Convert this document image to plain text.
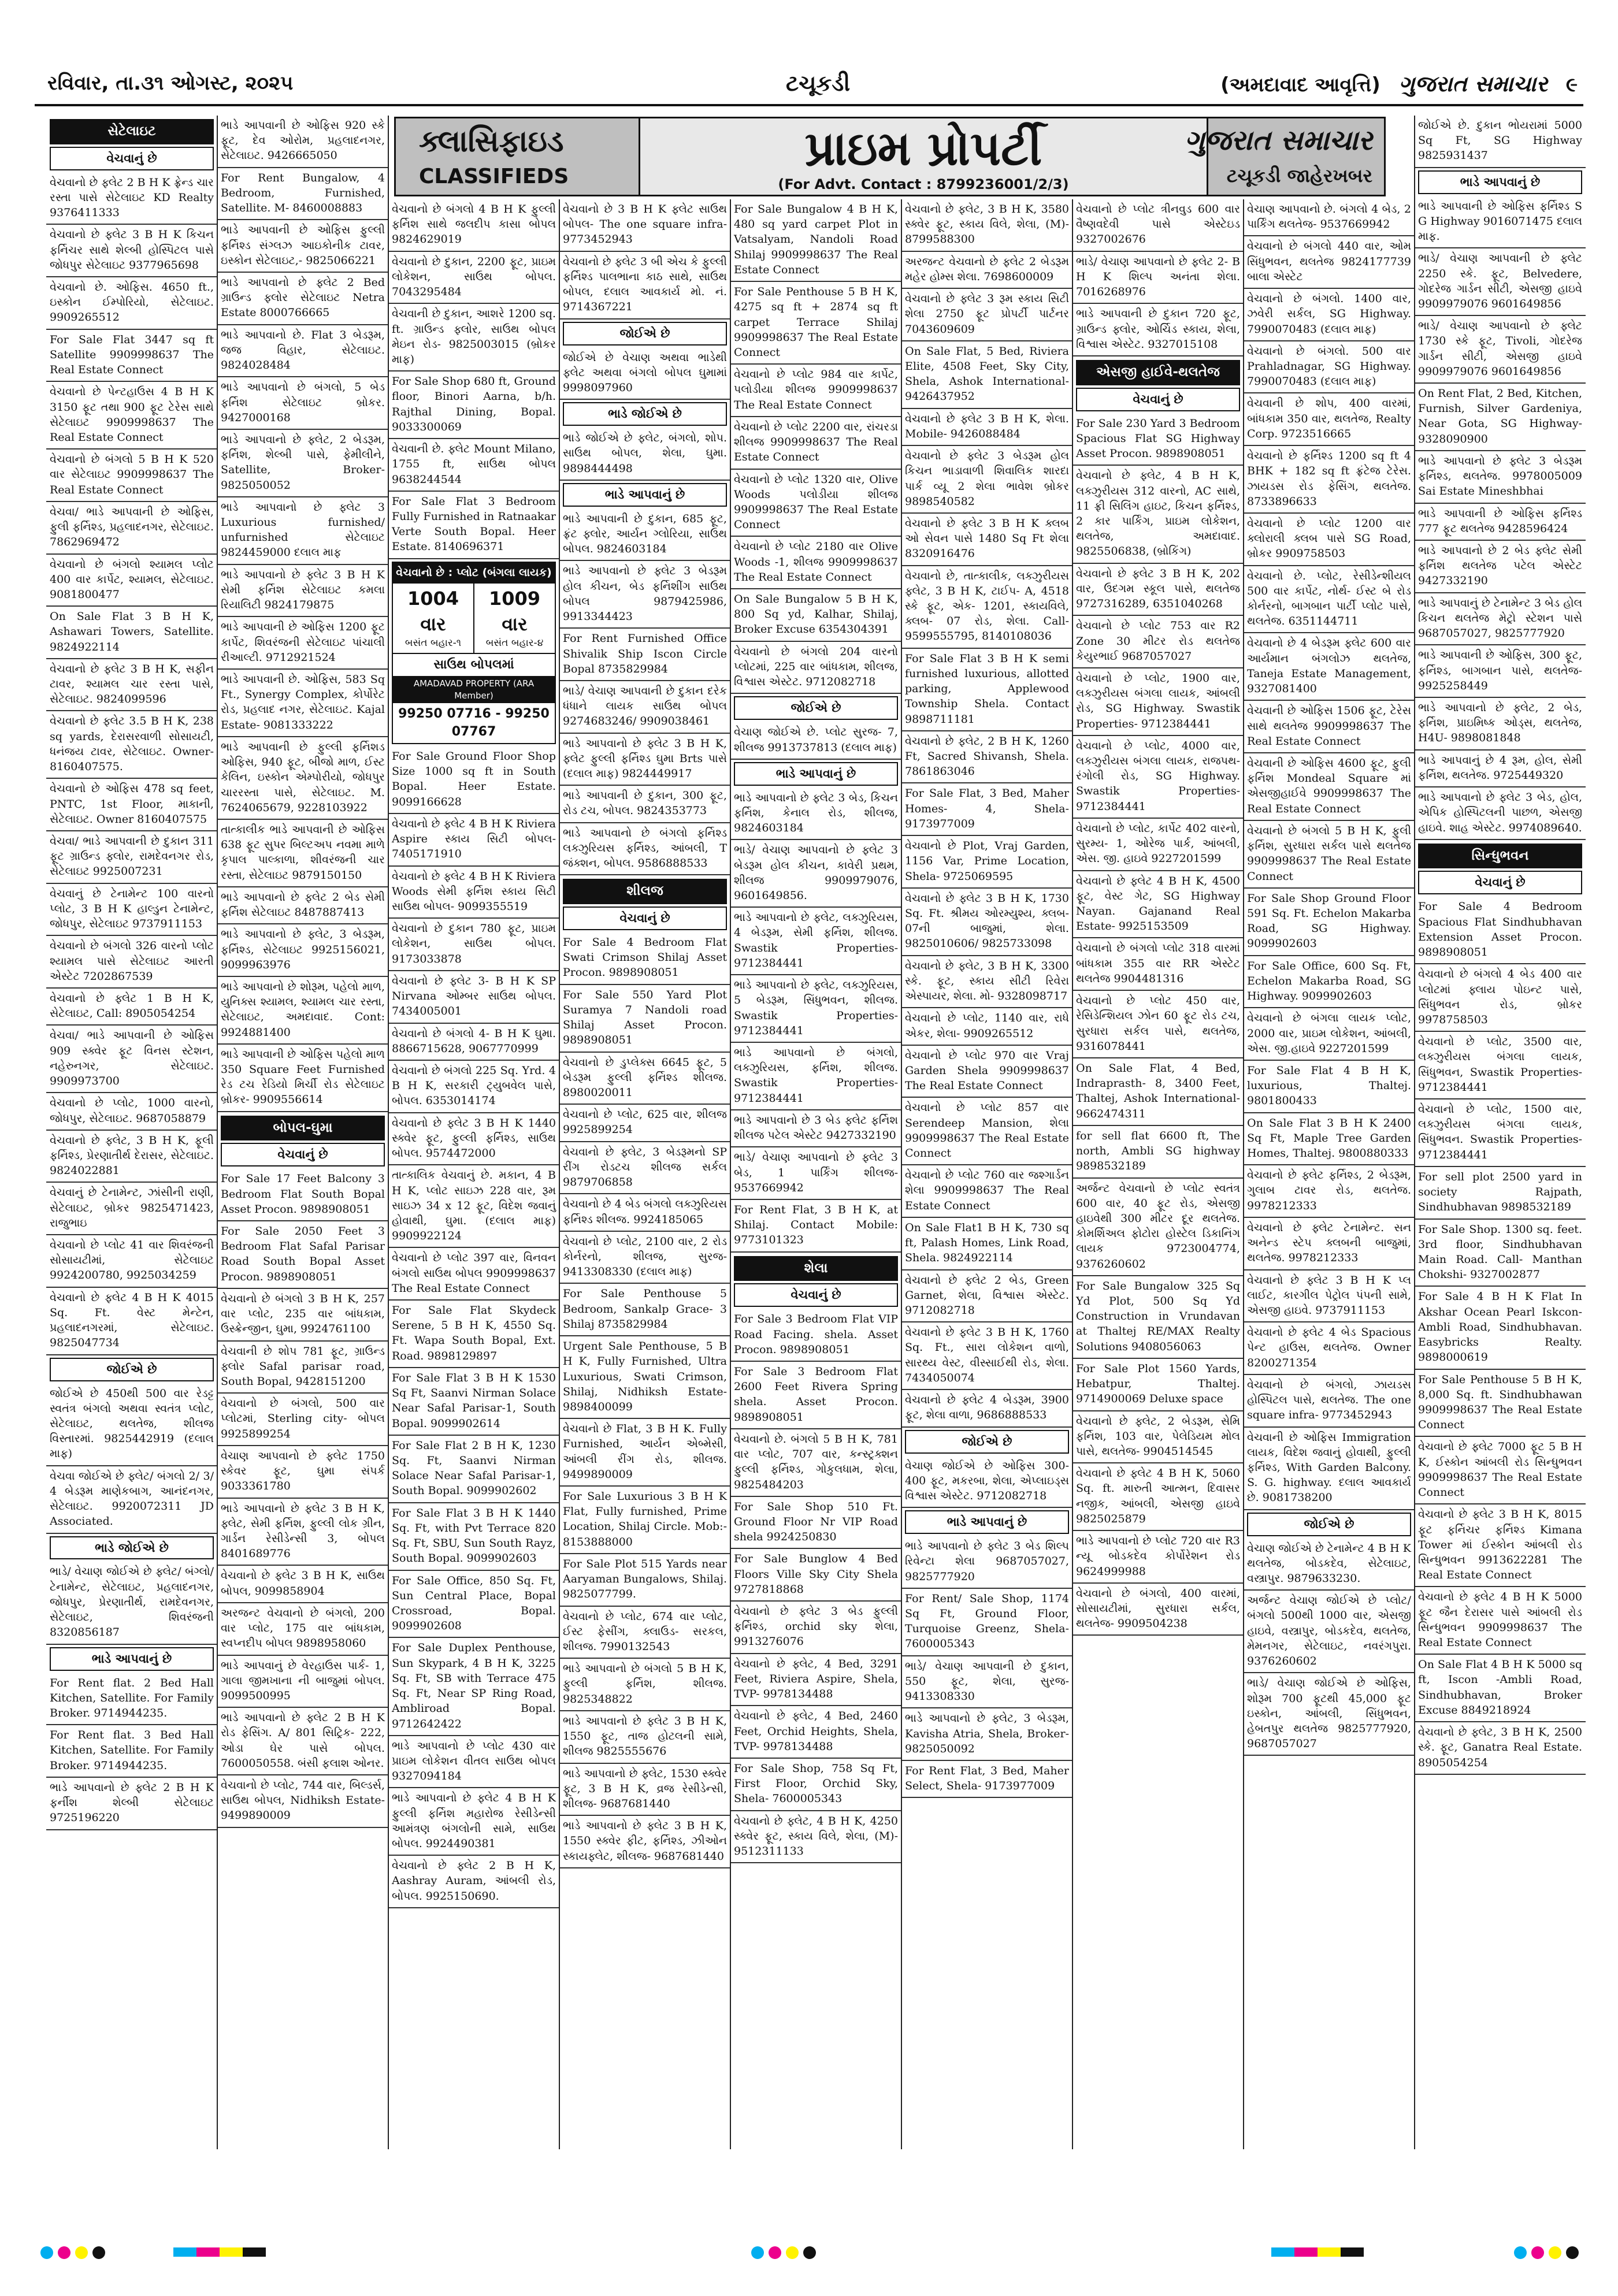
રવિવાર, તા.૩૧ ઓગસ્ટ, ૨૦૨૫	ટચૂકડી	(અમદાવાદ આવૃત્તિ) ગુજરાત સમાચાર ૯
ક્લાસિફાઇડ
CLASSIFIEDS
પ્રાઇમ પ્રોપર્ટી
(For Advt. Contact : 8799236001/2/3)
ગુજરાત સમાચાર
ટચૂકડી જાહેરખબર
સેટેલાઇટ
વેચવાનું છે
વેચવાનો છે ફ્લેટ 2 B H K ફ્રેન્ડ ચાર રસ્તા પાસે સેટેલાઇટ KD Realty 9376411333
વેચવાનો છે ફ્લેટ 3 B H K કિચન ફર્નિચર સાથે શેલ્બી હોસ્પિટલ પાસે જોધપુર સેટેલાઇટ 9377965698
વેચવાનો છે. ઓફિસ. 4650 ft., ઇસ્કોન ઈમ્પોરિયો, સેટેલાઇટ. 9909265512
For Sale Flat 3447 sq ft Satellite 9909998637 The Real Estate Connect
વેચવાનો છે પેન્ટહાઉસ 4 B H K 3150 ફૂટ તથા 900 ફૂટ ટેરેસ સાથે સેટેલાઇટ 9909998637 The Real Estate Connect
વેચવાનો છે બંગલો 5 B H K 520 વાર સેટેલાઇટ 9909998637 The Real Estate Connect
વેચવા/ ભાડે આપવાની છે ઓફિસ, ફુલી ફર્નિશ્ડ, પ્રહલાદનગર, સેટેલાઇટ. 7862969472
વેચવાનો છે બંગલો શ્યામલ પ્લોટ 400 વાર કાર્પેટ, શ્યામલ, સેટેલાઇટ. 9081800477
On Sale Flat 3 B H K, Ashawari Towers, Satellite. 9824922114
વેચવાનો છે ફ્લેટ 3 B H K, સફીન ટાવર, શ્યામલ ચાર રસ્તા પાસે, સેટેલાઇટ. 9824099596
વેચવાનો છે ફ્લેટ 3.5 B H K, 238 sq yards, દેરાસરવાળી સોસાયટી, ધનંજય ટાવર, સેટેલાઇટ. Owner- 8160407575.
વેચવાનો છે ઓફિસ 478 sq feet, PNTC, 1st Floor, માકાની, સેટેલાઇટ. Owner 8160407575
વેચવા/ ભાડે આપવાની છે દુકાન 311 ફૂટ ગ્રાઉન્ડ ફ્લોર, રામદેવનગર રોડ, સેટેલાઇટ 9925007231
વેચવાનું છે ટેનામેન્ટ 100 વારનો પ્લોટ, 3 B H K હાલ્ડુન ટેનામેન્ટ, જોધપુર, સેટેલાઇટ 9737911153
વેચવાનો છે બંગલો 326 વારનો પ્લોટ શ્યામલ પાસે સેટેલાઇટ આરતી એસ્ટેટ 7202867539
વેચવાનો છે ફ્લેટ 1 B H K, સેટેલાઇટ, Call: 8905054254
વેચવા/ ભાડે આપવાની છે ઓફિસ 909 સ્ક્વેર ફૂટ વિનસ સ્ટેશન, નહેરુનગર, સેટેલાઇટ. 9909973700
વેચવાનો છે પ્લોટ, 1000 વારનો, જોધપુર, સેટેલાઇટ. 9687058879
વેચવાનો છે ફ્લેટ, 3 B H K, ફૂલી ફર્નિશ્ડ, પ્રેરણાતીર્થ દેરાસર, સેટેલાઇટ. 9824022881
વેચવાનું છે ટેનામેન્ટ, ઝાંસીની રાણી, સેટેલાઇટ, બ્રોકર 9825471423, રાજુભાઇ
વેચવાનો છે પ્લોટ 41 વાર શિવરંજની સોસાયટીમાં, સેટેલાઇટ 9924200780, 9925034259
વેચવાનો છે ફ્લેટ 4 B H K 4015 Sq. Ft. વેસ્ટ મેન્ટેન, પ્રહલાદનગરમાં, સેટેલાઇટ. 9825047734
જોઈએ છે
જોઈએ છે 450થી 500 વાર રેડટ્ટ સ્વતંત્ર બંગલો અથવા સ્વતંત્ર પ્લોટ, સેટેલાઇટ, થલતેજ, શીલજ વિસ્તારમાં. 9825442919 (દલાલ માફ)
વેચવા જોઈએ છે ફ્લેટ/ બંગલો 2/ 3/ 4 બેડરૂમ માણેકબાગ, આનંદનગર, સેટેલાઇટ. 9920072311 JD Associated.
ભાડે જોઈએ છે
ભાડે/ વેચાણ જોઈએ છે ફ્લેટ/ બંગ્લો/ ટેનામેન્ટ, સેટેલાઇટ, પ્રહલાદનગર, જોધપુર, પ્રેરણાતીર્થ, રામદેવનગર, સેટેલાઇટ, શિવરંજની 8320856187
ભાડે આપવાનું છે
For Rent flat. 2 Bed Hall Kitchen, Satellite. For Family Broker. 9714944235.
For Rent flat. 3 Bed Hall Kitchen, Satellite. For Family Broker. 9714944235.
ભાડે આપવાનો છે ફ્લેટ 2 B H K ફર્નીશ શેલ્બી સેટેલાઇટ 9725196220
ભાડે આપવાની છે ઓફિસ 920 સ્કે ફૂટ, દેવ ઓરોમ, પ્રહલાદનગર, સેટેલાઇટ. 9426665050
For Rent Bungalow, 4 Bedroom, Furnished, Satellite. M- 8460008883
ભાડે આપવાની છે ઓફિસ ફુલ્લી ફર્નિશ્ડ સંગ્લઝ આઇકોનીક ટાવર, ઇસ્કોન સેટેલાઇટ,- 9825066221
ભાડે આપવાનો છે ફ્લેટ 2 Bed ગ્રાઉન્ડ ફ્લોર સેટેલાઇટ Netra Estate 8000766665
ભાડે આપવાનો છે. Flat 3 બેડરૂમ, જજ વિહાર, સેટેલાઇટ. 9824028484
ભાડે આપવાનો છે બંગલો, 5 બેડ ફર્નિશ સેટેલાઇટ બ્રોકર. 9427000168
ભાડે આપવાનો છે ફ્લેટ, 2 બેડરૂમ, ફર્નિશ, શેલ્બી પાસે, ફેમીલીને, Satellite, Broker- 9825050052
ભાડે આપવાનો છે ફ્લેટ 3 Luxurious furnished/ unfurnished સેટેલાઇટ 9824459000 દલાલ માફ
ભાડે આપવાનો છે ફ્લેટ 3 B H K સેમી ફર્નિશ સેટેલાઇટ કમલા રિયાલિટી 9824179875
ભાડે આપવાની છે ઓફિસ 1200 ફૂટ કાર્પેટ, શિવરંજની સેટેલાઇટ પાંચાલી રીઆલ્ટી. 9712921524
ભાડે આપવાની છે. ઓફિસ, 583 Sq Ft., Synergy Complex, કોર્પોરેટ રોડ, પ્રહલાદ નગર, સેટેલાઇટ. Kajal Estate- 9081333222
ભાડે આપવાની છે ફુલ્લી ફર્નિશડ ઓફિસ, 940 ફૂટ, બીજો માળ, ઈસ્ટ કેલિન, ઇસ્કોન એમ્પોરીયો, જોધપુર ચારરસ્તા પાસે, સેટેલાઇટ. M. 7624065679, 9228103922
તાત્કાલીક ભાડે આપવાની છે ઓફિસ 638 ફૂટ સુપર બિલ્ટઅપ નવમા માળે કૃપાલ પાલ્કાળા, શીવરંજની ચાર રસ્તા, સેટેલાઇટ 9879150150
ભાડે આપવાનો છે ફ્લેટ 2 બેડ સેમી ફર્નિશ સેટેલાઇટ 8487887413
ભાડે આપવાનો છે ફ્લેટ, 3 બેડરૂમ, ફર્નિશ્ડ, સેટેલાઇટ 9925156021, 9099963976
ભાડે આપવાનો છે શોરૂમ, પહેલો માળ, યુનિક્સ શ્યામલ, શ્યામલ ચાર રસ્તા, સેટેલાઇટ, અમદાવાદ. Cont: 9924881400
ભાડે આપવાની છે ઓફિસ પહેલો માળ 350 Square Feet Furnished રેડ ટચ રેડિયો મિર્ચી રોડ સેટેલાઇટ બ્રોકર- 9909556614
બોપલ-ઘુમા
વેચવાનું છે
For Sale 17 Feet Balcony 3 Bedroom Flat South Bopal Asset Procon. 9898908051
For Sale 2050 Feet 3 Bedroom Flat Safal Parisar Road South Bopal Asset Procon. 9898908051
વેચવાનો છે બંગલો 3 B H K, 257 વાર પ્લોટ, 235 વાર બાંધકામ, ઉસ્ક્રેન્જીન, ઘુમા, 9924761100
વેચવાની છે શોપ 781 ફૂટ, ગ્રાઉન્ડ ફ્લોર Safal parisar road, South Bopal, 9428151200
વેચવાનો છે બંગલો, 500 વાર પ્લોટમાં, Sterling city- બોપલ 9925899254
વેચાણ આપવાનો છે ફ્લેટ 1750 સ્કેવર ફૂટ, ઘુમા સંપર્ક 9033361780
ભાડે આપવાનો છે ફ્લેટ 3 B H K, ફ્લેટ, સેમી ફર્નિશ, ફુલ્લી લોક ગ્રીન, ગાર્ડન રેસીડેન્સી 3, બોપલ 8401689776
વેચવાનો છે ફ્લેટ 3 B H K, સાઉથ બોપલ, 9099858904
અરજન્ટ વેચવાનો છે બંગલો, 200 વાર પ્લોટ, 175 વાર બાંધકામ, સ્વપ્નદીપ બોપલ 9898958060
ભાડે આપવાનું છે વેરહાઉસ પાર્ક- 1, ગાલા જીમખાના ની બાજુમાં બોપલ. 9099500995
ભાડે આપવાનો છે ફ્લેટ 2 B H K રોડ ફેસિંગ. A/ 801 સિટ્રિક- 222, ઓડા ઘેર પાસે બોપલ. 7600050558. બંસી ફલાશ ઓનર.
વેચવાનો છે પ્લોટ, 744 વાર, બિલ્ડર્સ, સાઉથ બોપલ, Nidhiksh Estate- 9499890009
વેચવાનો છે બંગલો 4 B H K ફુલ્લી ફર્નિશ સાથે જલદીપ કાસા બોપલ 9824629019
વેચવાનો છે દુકાન, 2200 ફૂટ, પ્રાઇમ લોકેશન, સાઉથ બોપલ. 7043295484
વેચવાની છે દુકાન, આશરે 1200 sq. ft. ગ્રાઉન્ડ ફ્લોર, સાઉથ બોપલ મેઇન રોડ- 9825003015 (બ્રોકર માફ)
For Sale Shop 680 ft, Ground floor, Binori Aarna, b/h. Rajthal Dining, Bopal. 9033300069
વેચવાની છે. ફ્લેટ Mount Milano, 1755 ft, સાઉથ બોપલ 9638244544
For Sale Flat 3 Bedroom Fully Furnished in Ratnaakar Verte South Bopal. Heer Estate. 8140696371
વેચવાનો છે : પ્લોટ (બંગલા લાયક)
1004 વાર
બસંત બહાર-૧
1009 વાર
બસંત બહાર-૪
સાઉથ બોપલમાં
AMADAVAD PROPERTY (ARA Member)
99250 07716 - 99250 07767
For Sale Ground Floor Shop Size 1000 sq ft in South Bopal. Heer Estate. 9099166628
વેચવાનો છે ફ્લેટ 4 B H K Riviera Aspire સ્કાય સિટી બોપલ- 7405171910
વેચવાનો છે ફ્લેટ 4 B H K Riviera Woods સેમી ફર્નિશ સ્કાય સિટી સાઉથ બોપલ- 9099355519
વેચવાનો છે દુકાન 780 ફૂટ, પ્રાઇમ લોકેશન, સાઉથ બોપલ. 9173033878
વેચવાનો છે ફ્લેટ 3- B H K SP Nirvana ઓમ્બર સાઉથ બોપલ. 7434005001
વેચવાનો છે બંગલો 4- B H K ઘુમા. 8866715628, 9067770999
વેચવાનો છે બંગલો 225 Sq. Yrd. 4 B H K, સરકારી ટ્યુબવેલ પાસે, બોપલ. 6353014174
વેચવાનો છે ફ્લેટ 3 B H K 1440 સ્ક્વેર ફૂટ, ફુલ્લી ફર્નિશ્ડ, સાઉથ બોપલ. 9574472000
તાત્કાલિક વેચવાનું છે. મકાન, 4 B H K, પ્લોટ સાઇઝ 228 વાર, રૂમ સાઇઝ 34 x 12 ફૂટ, વિદેશ જવાનું હોવાથી, ઘુમા. (દલાલ માફ) 9909922124
વેચવાનો છે પ્લોટ 397 વાર, વિનવન બંગલો સાઉથ બોપલ 9909998637 The Real Estate Connect
For Sale Flat Skydeck Serene, 5 B H K, 4550 Sq. Ft. Wapa South Bopal, Ext. Road. 9898129897
For Sale Flat 3 B H K 1530 Sq Ft, Saanvi Nirman Solace Near Safal Parisar-1, South Bopal. 9099902614
For Sale Flat 2 B H K, 1230 Sq. Ft, Saanvi Nirman Solace Near Safal Parisar-1, South Bopal. 9099902602
For Sale Flat 3 B H K 1440 Sq. Ft, with Pvt Terrace 820 Sq. Ft, SBU, Sun South Rayz, South Bopal. 9099902603
For Sale Office, 850 Sq. Ft, Sun Central Place, Bopal Crossroad, Bopal. 9099902608
For Sale Duplex Penthouse, Sun Skypark, 4 B H K, 3225 Sq. Ft, SB with Terrace 475 Sq. Ft, Near SP Ring Road, Ambliroad Bopal. 9712642422
ભાડે આપવાનો છે પ્લોટ 430 વાર પ્રાઇમ લોકેશન વીતલ સાઉથ બોપલ 9327094184
ભાડે આપવાનો છે ફ્લેટ 4 B H K ફુલ્લી ફર્નિશ મહારોજ રેસીડેન્સી આમંત્રણ બંગલોની સામે, સાઉથ બોપલ. 9924490381
વેચવાનો છે ફ્લેટ 2 B H K, Aashray Auram, આંબલી રોડ, બોપલ. 9925150690.
વેચવાનો છે 3 B H K ફ્લેટ સાઉથ બોપલ- The one square infra- 9773452943
વેચવાનો છે ફ્લેટ 3 બી એચ કે ફુલ્લી ફર્નિશ્ડ પાલભાના કાઠ સાથે, સાઉથ બોપલ, દલાલ આવકાર્ય મો. નં. 9714367221
જોઈએ છે
જોઈએ છે વેચાણ અથવા ભાડેથી ફ્લેટ અથવા બંગલો બોપલ ઘુમામાં 9998097960
ભાડે જોઈએ છે
ભાડે જોઈએ છે ફ્લેટ, બંગલો, શોપ. સાઉથ બોપલ, શેલા, ઘુમા. 9898444498
ભાડે આપવાનું છે
ભાડે આપવાની છે દુકાન, 685 ફૂટ, ફ્રંટ ફ્લોર, આર્યન ગ્લોરિયા, સાઉથ બોપલ. 9824603184
ભાડે આપવાનો છે ફ્લેટ 3 બેડરૂમ હોલ કીચન, બેડ ફર્નિશીંગ સાઉથ બોપલ 9879425986, 9913344423
For Rent Furnished Office Shivalik Ship Iscon Circle Bopal 8735829984
ભાડે/ વેચાણ આપવાની છે દુકાન દરેક ધંધાને લાયક સાઉથ બોપલ 9274683246/ 9909038461
ભાડે આપવાનો છે ફ્લેટ 3 B H K, ફ્લેટ ફુલ્લી ફર્નિશ્ડ ઘુમા Brts પાસે (દલાલ માફ) 9824449917
ભાડે આપવાની છે દુકાન, 300 ફૂટ, રોડ ટચ, બોપલ. 9824353773
ભાડે આપવાનો છે બંગલો ફર્નિશ્ડ લક્ઝુરિયસ ફર્નિશ્ડ, આંબલી, T જંક્શન, બોપલ. 9586888533
શીલજ
વેચવાનું છે
For Sale 4 Bedroom Flat Swati Crimson Shilaj Asset Procon. 9898908051
For Sale 550 Yard Plot Suramya 7 Nandoli road Shilaj Asset Procon. 9898908051
વેચવાનો છે ડુપ્લેક્સ 6645 ફૂટ, 5 બેડરૂમ ફુલ્લી ફર્નિશ્ડ શીલજ. 8980020011
વેચવાનો છે પ્લોટ, 625 વાર, શીલજ 9925899254
વેચવાનો છે ફ્લેટ, 3 બેડરૂમનો SP રીંગ રોડટચ શીલજ સર્કલ 9879706858
વેચવાનો છે 4 બેડ બંગલો લક્ઝુરિયસ ફર્નિશ્ડ શીલજ. 9924185065
વેચવાનો છે પ્લોટ, 2100 વાર, 2 રોડ કોર્નરનો, શીલજ, સુરજ- 9413308330 (દલાલ માફ)
For Sale Penthouse 5 Bedroom, Sankalp Grace- 3 Shilaj 8735829984
Urgent Sale Penthouse, 5 B H K, Fully Furnished, Ultra Luxurious, Swati Crimson, Shilaj, Nidhiksh Estate- 9898400099
વેચવાનો છે Flat, 3 B H K. Fully Furnished, આર્યન એબ્મેસી, આંબલી રીંગ રોડ, શીલજ. 9499890009
For Sale Luxurious 3 B H K Flat, Fully furnished, Prime Location, Shilaj Circle. Mob:- 8153888000
For Sale Plot 515 Yards near Aaryaman Bungalows, Shilaj. 9825077799.
વેચવાનો છે પ્લોટ, 674 વાર પ્લોટ, ઈસ્ટ ફેસીંગ, ક્લાઉડ- સરકલ, શીલજ. 7990132543
ભાડે આપવાનો છે બંગલો 5 B H K, ફુલ્લી ફર્નિશ, શીલજ. 9825348822
ભાડે આપવાનો છે ફ્લેટ 3 B H K, 1550 ફૂટ, તાજ હોટલની સામે, શીલજ 9825555676
ભાડે આપવાનો છે ફ્લેટ, 1530 સ્ક્વેર ફૂટ, 3 B H K, વ્રજ રેસીડેન્સી, શીલજ- 9687681440
ભાડે આપવાનો છે ફ્લેટ 3 B H K, 1550 સ્ક્વેર ફીટ, ફર્નિશ્ડ, ઝીઓન સ્કાયફ્લેટ, શીલજ- 9687681440
For Sale Bungalow 4 B H K, 480 sq yard carpet Plot in Vatsalyam, Nandoli Road Shilaj 9909998637 The Real Estate Connect
For Sale Penthouse 5 B H K, 4275 sq ft + 2874 sq ft carpet Terrace Shilaj 9909998637 The Real Estate Connect
વેચવાનો છે પ્લોટ 984 વાર કાર્પેટ, પલોડીયા શીલજ 9909998637 The Real Estate Connect
વેચવાનો છે પ્લોટ 2200 વાર, રાંચરડા શીલજ 9909998637 The Real Estate Connect
વેચવાનો છે પ્લોટ 1320 વાર, Olive Woods પલોડીયા શીલજ 9909998637 The Real Estate Connect
વેચવાનો છે પ્લોટ 2180 વાર Olive Woods -1, શીલજ 9909998637 The Real Estate Connect
On Sale Bungalow 5 B H K, 800 Sq yd, Kalhar, Shilaj, Broker Excuse 6354304391
વેચવાનો છે બંગલો 204 વારનો પ્લોટમાં, 225 વાર બાંધકામ, શીલજ, વિશ્વાસ એસ્ટેટ. 9712082718
જોઈએ છે
વેચાણ જોઈએ છે. પ્લોટ સુરજ- 7, શીલજ 9913737813 (દલાલ માફ)
ભાડે આપવાનું છે
ભાડે આપવાનો છે ફ્લેટ 3 બેડ, કિચન ફર્નિશ, કેનાલ રોડ, શીલજ, 9824603184
ભાડે/ વેચાણ આપવાનો છે ફ્લેટ 3 બેડરૂમ હોલ કીચન, કાવેરી પ્રથમ, શીલજ 9909979076, 9601649856.
ભાડે આપવાનો છે ફ્લેટ, લક્ઝુરિયસ, 4 બેડરૂમ, સેમી ફર્નિશ, શીલજ. Swastik Properties- 9712384441
ભાડે આપવાનો છે ફ્લેટ, લક્ઝુરિયસ, 5 બેડરૂમ, સિંધુભવન, શીલજ. Swastik Properties- 9712384441
ભાડે આપવાનો છે બંગલો, લક્ઝુરિયસ, ફર્નિશ, શીલજ. Swastik Properties- 9712384441
ભાડે આપવાનો છે 3 બેડ ફ્લેટ ફર્નિશ શીલજ પટેલ એસ્ટેટ 9427332190
ભાડે/ વેચાણ આપવાનો છે ફ્લેટ 3 બેડ, 1 પાર્કિંગ શીલજ- 9537669942
For Rent Flat, 3 B H K, at Shilaj. Contact Mobile: 9773101323
શેલા
વેચવાનું છે
For Sale 3 Bedroom Flat VIP Road Facing. shela. Asset Procon. 9898908051
For Sale 3 Bedroom Flat 2600 Feet Rivera Spring shela. Asset Procon. 9898908051
વેચવાનો છે. બંગલો 5 B H K, 781 વાર પ્લોટ, 707 વાર, કન્સ્ટ્રક્શન ફુલ્લી ફર્નિશ્ડ, ગોકુલધામ, શેલા, 9825484203
For Sale Shop 510 Ft. Ground Floor Nr VIP Road shela 9924250830
For Sale Bunglow 4 Bed Floors Ville Sky City Shela 9727818868
વેચવાનો છે ફ્લેટ 3 બેડ ફુલ્લી ફર્નિશ્ડ, orchid sky શેલા, 9913276076
વેચવાનો છે ફ્લેટ, 4 Bed, 3291 Feet, Riviera Aspire, Shela, TVP- 9978134488
વેચવાનો છે ફ્લેટ, 4 Bed, 2460 Feet, Orchid Heights, Shela, TVP- 9978134488
For Sale Shop, 758 Sq Ft, First Floor, Orchid Sky, Shela- 7600005343
વેચવાનો છે ફ્લેટ, 4 B H K, 4250 સ્ક્વેર ફૂટ, સ્કાય વિલે, શેલા, (M)- 9512311133
વેચવાનો છે ફ્લેટ, 3 B H K, 3580 સ્ક્વેર ફૂટ, સ્કાય વિલે, શેલા, (M)- 8799588300
અરજન્ટ વેચવાનો છે ફ્લેટ 2 બેડરૂમ મહેર હોમ્સ શેલા. 7698600009
વેચવાનો છે ફ્લેટ 3 રૂમ સ્કાય સિટી શેલા 2750 ફૂટ પ્રોપર્ટી પાર્ટનર 7043609609
On Sale Flat, 5 Bed, Riviera Elite, 4508 Feet, Sky City, Shela, Ashok International- 9426437952
વેચવાનો છે ફ્લેટ 3 B H K, શેલા. Mobile- 9426088484
વેચવાનો છે ફ્લેટ 3 બેડરૂમ હોલ કિચન ભાડાવાળી શિવાલિક શારદા પાર્ક વ્યૂ 2 શેલા ભાવેશ બ્રોકર 9898540582
વેચવાનો છે ફ્લેટ 3 B H K ક્લબ ઓ સેવન પાસે 1480 Sq Ft શેલા 8320916476
વેચવાનો છે, તાત્કાલીક, લક્ઝુરીયસ ફ્લેટ, 3 B H K, ટાઈપ- A, 4518 સ્કે ફૂટ, એક- 1201, સ્કાયવિલે, ક્લબ- 07 રોડ, શેલા. Call- 9599555795, 8140108036
For Sale Flat 3 B H K semi furnished luxurious, allotted parking, Applewood Township Shela. Contact 9898711181
વેચવાનો છે ફ્લેટ, 2 B H K, 1260 Ft, Sacred Shivansh, Shela. 7861863046
For Sale Flat, 3 Bed, Maher Homes- 4, Shela- 9173977009
વેચવાનો છે Plot, Vraj Garden, 1156 Var, Prime Location, Shela- 9725069595
વેચવાનો છે ફ્લેટ 3 B H K, 1730 Sq. Ft. શ્રીમય ઓરમ્યુશ્ય, ક્લબ- 07ની બાજુમાં, શેલા. 9825010606/ 9825733098
વેચવાનો છે ફ્લેટ, 3 B H K, 3300 સ્કે. ફૂટ, સ્કાય સીટી રિવેરા એસ્પાયર, શેલા. મો- 9328098717
વેચવાનો છે પ્લોટ, 1140 વાર, રાધે એકર, શેલા- 9909265512
વેચવાનો છે પ્લોટ 970 વાર Vraj Garden Shela 9909998637 The Real Estate Connect
વેચવાનો છે પ્લોટ 857 વાર Serendeep Mansion, શેલા 9909998637 The Real Estate Connect
વેચવાનો છે પ્લોટ 760 વાર જશ્ગાર્ડન શેલા 9909998637 The Real Estate Connect
On Sale Flat1 B H K, 730 sq ft, Palash Homes, Link Road, Shela. 9824922114
વેચવાનો છે ફ્લેટ 2 બેડ, Green Garnet, શેલા, વિશ્વાસ એસ્ટેટ. 9712082718
વેચવાનો છે ફ્લેટ 3 B H K, 1760 Sq. Ft., સારા લોકેશન વાળો, સારથ્ય વેસ્ટ, વીસ્સાઈથી રોડ, શેલા. 7434050074
વેચવાનો છે ફ્લેટ 4 બેડરૂમ, 3900 ફૂટ, શેલા વાળા, 9686888533
જોઈએ છે
વેચાણ જોઈએ છે ઓફિસ 300- 400 ફૂટ, મકરબા, શેલા, એપ્લાઇડ્સ વિશ્વાસ એસ્ટેટ. 9712082718
ભાડે આપવાનું છે
ભાડે આપવાનો છે ફ્લેટ 3 બેડ શિલ્પ રિવેન્ટા શેલા 9687057027, 9825777920
For Rent/ Sale Shop, 1174 Sq Ft, Ground Floor, Turquoise Greenz, Shela- 7600005343
ભાડે/ વેચાણ આપવાની છે દુકાન, 550 ફૂટ, શેલા, સુરજ- 9413308330
ભાડે આપવાનો છે ફ્લેટ, 3 બેડરૂમ, Kavisha Atria, Shela, Broker- 9825050092
For Rent Flat, 3 Bed, Maher Select, Shela- 9173977009
વેચવાનો છે પ્લોટ ત્રીનવુડ 600 વાર વૈષ્ણવદેવી પાસે એસ્ટેઇડ 9327002676
ભાડે/ વેચાણ આપવાનો છે ફ્લેટ 2- B H K શિલ્પ અનંતા શેલા. 7016268976
ભાડે આપવાની છે દુકાન 720 ફૂટ, ગ્રાઉન્ડ ફ્લોર, ઓર્ચિડ સ્કાય, શેલા, વિશ્વાસ એસ્ટેટ. 9327015108
એસજી હાઈવે-થલતેજ
વેચવાનું છે
For Sale 230 Yard 3 Bedroom Spacious Flat SG Highway Asset Procon. 9898908051
વેચવાનો છે ફ્લેટ, 4 B H K, લક્ઝુરીયસ 312 વારનો, AC સાથે, 11 ફ્રી સિલિંગ હાઇટ, કિચન ફર્નિશ્ડ, 2 કાર પાર્કિંગ, પ્રાઇમ લોકેશન, થલતેજ, અમદાવાદ. 9825506838, (બ્રોકિંગ)
વેચવાનો છે ફ્લેટ 3 B H K, 202 વાર, ઉદગમ સ્કૂલ પાસે, થલતેજ 9727316289, 6351040268
વેચવાનો છે પ્લોટ 753 વાર R2 Zone 30 મીટર રોડ થલતેજ કેયુરભાઈ 9687057027
વેચવાનો છે પ્લોટ, 1900 વાર, લક્ઝુરીયસ બંગલા લાયક, આંબલી રોડ, SG Highway. Swastik Properties- 9712384441
વેચવાનો છે પ્લોટ, 4000 વાર, લક્ઝુરીયસ બંગલા લાયક, રાજપથ- રંગોલી રોડ, SG Highway. Swastik Properties- 9712384441
વેચવાનો છે પ્લોટ, કાર્પેટ 402 વારનો, સુરમ્ય- 1, ઓરેજ પાર્ક, આંબલી, એસ. જી. હાઇવે 9227201599
વેચવાનો છે ફ્લેટ 4 B H K, 4500 ફૂટ, વેસ્ટ ગેટ, SG Highway Nayan. Gajanand Real Estate- 9925153509
વેચવાનો છે બંગલો પ્લોટ 318 વારમાં બાંધકામ 355 વાર RR એસ્ટેટ થલતેજ 9904481316
વેચવાનો છે પ્લોટ 450 વાર, રેસિડેન્શિયલ ઝોન 60 ફૂટ રોડ ટચ, સુરધારા સર્કલ પાસે, થલતેજ, 9316078441
On Sale Flat, 4 Bed, Indraprasth- 8, 3400 Feet, Thaltej, Ashok International- 9662474311
for sell flat 6600 ft, The north, Ambli SG highway 9898532189
અર્જન્ટ વેચવાનો છે પ્લોટ સ્વતંત્ર 600 વાર, 40 ફૂટ રોડ, એસજી હાઇવેથી 300 મીટર દૂર થલતેજ. કોમર્શિઅલ ફોટોરા હોસ્ટેલ ડિકાનિંગ લાયક 9723004774, 9376260602
For Sale Bungalow 325 Sq Yd Plot, 500 Sq Yd Construction in Vrundavan at Thaltej RE/MAX Realty Solutions 9408056063
For Sale Plot 1560 Yards, Hebatpur, Thaltej. 9714900069 Deluxe space
વેચવાનો છે ફ્લેટ, 2 બેડરૂમ, સેમિ ફર્નિશ, 103 વાર, પેલેડિયમ મોલ પાસે, થલતેજ- 9904514545
વેચવાનો છે ફ્લેટ 4 B H K, 5060 Sq. ft. મારુતી આત્મન, દિવાસર નજીક, આંબલી, એસજી હાઇવે 9825025879
ભાડે આપવાનો છે પ્લોટ 720 વાર R3 ન્યૂ બોડકદેવ કોર્પોરેશન રોડ 9624999988
વેચવાનો છે બંગલો, 400 વારમાં, સોસાયટીમાં, સુરધારા સર્કલ, થલતેજ- 9909504238
વેચાણ આપવાનો છે. બંગલો 4 બેડ, 2 પાર્કિંગ થલતેજ- 9537669942
વેચવાનો છે બંગલો 440 વાર, ઓમ સિંધુભવન, થલતેજ 9824177739 બાલા એસ્ટેટ
વેચવાનો છે બંગલો. 1400 વાર, ઝવેરી સર્કલ, SG Highway. 7990070483 (દલાલ માફ)
વેચવાનો છે બંગલો. 500 વાર Prahladnagar, SG Highway. 7990070483 (દલાલ માફ)
વેચવાની છે શોપ, 400 વારમાં, બાંધકામ 350 વાર, થલતેજ, Realty Corp. 9723516665
વેચવાનો છે ફર્નિશ્ડ 1200 sq ft 4 BHK + 182 sq ft ફ્રંટેજ ટેરેસ. ઝાયડસ રોડ ફેસિંગ, થલતેજ. 8733896633
વેચવાનો છે પ્લોટ 1200 વાર ક્લોરાલી ક્લબ પાસે SG Road, બ્રોકર 9909758503
વેચવાનો છે. પ્લોટ, રેસીડેન્શીયલ 500 વાર કાર્પેટ, નોર્થ- ઈસ્ટ બે રોડ કોર્નરનો, બાગબાન પાર્ટી પ્લોટ પાસે, થલતેજ. 6351144711
વેચવાનો છે 4 બેડરૂમ ફ્લેટ 600 વાર આર્યમાન બંગલોઝ થલતેજ, Taneja Estate Management, 9327081400
વેચવાની છે ઓફિસ 1506 ફૂટ, ટેરેસ સાથે થલતેજ 9909998637 The Real Estate Connect
વેચવાની છે ઓફિસ 4600 ફૂટ, ફુલી ફર્નિશ Mondeal Square માં એસજીહાઈવે 9909998637 The Real Estate Connect
વેચવાનો છે બંગલો 5 B H K, ફુલી ફર્નિશ, સુરધારા સર્કલ પાસે થલતેજ 9909998637 The Real Estate Connect
For Sale Shop Ground Floor 591 Sq. Ft. Echelon Makarba Road, SG Highway. 9099902603
For Sale Office, 600 Sq. Ft, Echelon Makarba Road, SG Highway. 9099902603
વેચવાનો છે બંગલા લાયક પ્લોટ, 2000 વાર, પ્રાઇમ લોકેશન, આંબલી, એસ. જી.હાઇવે 9227201599
For Sale Flat 4 B H K, luxurious, Thaltej. 9801800433
On Sale Flat 3 B H K 2400 Sq Ft, Maple Tree Garden Homes, Thaltej. 9800880333
વેચવાનો છે ફ્લેટ ફર્નિશ્ડ, 2 બેડરૂમ, ગુલાબ ટાવર રોડ, થલતેજ. 9978212333
વેચવાનો છે ફ્લેટ ટેનામેન્ટ. સન અનેન્ડ સ્ટેપ ક્લબની બાજુમાં, થલતેજ. 9978212333
વેચવાનો છે ફ્લેટ 3 B H K પ્લ લાઈટ, કારગીલ પેટ્રોલ પંપની સામે, એસજી હાઇવે. 9737911153
વેચવાનો છે ફ્લેટ 4 બેડ Spacious પેન્ટ હાઉસ, થલતેજ. Owner 8200271354
વેચવાનો છે બંગલો, ઝાયડસ હોસ્પિટલ પાસે, થલતેજ. The one square infra- 9773452943
વેચવાની છે ઓફિસ Immigration લાયક, વિદેશ જવાનું હોવાથી, ફુલ્લી ફર્નિશ્ડ, With Garden Balcony. S. G. highway. દલાલ આવકાર્ય છે. 9081738200
જોઈએ છે
વેચાણ જોઈએ છે ટેનામેન્ટ 4 B H K થલતેજ, બોડકદેવ, સેટેલાઇટ, વસ્ત્રાપુર. 9879633230.
અર્જન્ટ વેચાણ જોઈએ છે પ્લોટ/ બંગલો 500થી 1000 વાર, એસજી હાઇવે, વસ્ત્રાપુર, બોડકદેવ, થલતેજ, મેમનગર, સેટેલાઇટ, નવરંગપુરા. 9376260602
ભાડે/ વેચાણ જોઈએ છે ઓફિસ, શોરૂમ 700 ફૂટથી 45,000 ફૂટ ઇસ્કોન, આંબલી, સિંધુભવન, હેબતપુર થલતેજ 9825777920, 9687057027
જોઈએ છે. દુકાન ભોયરામાં 5000 Sq Ft, SG Highway 9825931437
ભાડે આપવાનું છે
ભાડે આપવાની છે ઓફિસ ફર્નિશ્ડ S G Highway 9016071475 દલાલ માફ.
ભાડે/ વેચાણ આપવાની છે ફ્લેટ 2250 સ્કે. ફૂટ, Belvedere, ગોદરેજ ગાર્ડન સીટી, એસજી હાઇવે 9909979076 9601649856
ભાડે/ વેચાણ આપવાનો છે ફ્લેટ 1730 સ્કે ફૂટ, Tivoli, ગોદરેજ ગાર્ડન સીટી, એસજી હાઇવે 9909979076 9601649856
On Rent Flat, 2 Bed, Kitchen, Furnish, Silver Gardeniya, Near Gota, SG Highway- 9328090900
ભાડે આપવાનો છે ફ્લેટ 3 બેડરૂમ ફર્નિશ્ડ, થલતેજ. 9978005009 Sai Estate Mineshbhai
ભાડે આપવાની છે ઓફિસ ફર્નિશ્ડ 777 ફૂટ થલતેજ 9428596424
ભાડે આપવાનો છે 2 બેડ ફ્લેટ સેમી ફર્નિશ થલતેજ પટેલ એસ્ટેટ 9427332190
ભાડે આપવાનું છે ટેનામેન્ટ 3 બેડ હોલ કિચન થલતેજ મેટ્રો સ્ટેશન પાસે 9687057027, 9825777920
ભાડે આપવાની છે ઓફિસ, 300 ફૂટ, ફર્નિશ્ડ, બાગબાન પાસે, થલતેજ- 9925258449
ભાડે આપવાનો છે ફ્લેટ, 2 બેડ, ફર્નિશ, પ્રાઇમિષ્ક ઓડ્સ, થલતેજ, H4U- 9898081848
ભાડે આપવાનું છે 4 રૂમ, હોલ, સેમી ફર્નિશ, થલતેજ. 9725449320
ભાડે આપવાનો છે ફ્લેટ 3 બેડ, હોલ, એપિક હોસ્પિટલની પાછળ, એસજી હાઇવે. શાહ એસ્ટેટ. 9974089640.
સિન્ધુભવન
વેચવાનું છે
For Sale 4 Bedroom Spacious Flat Sindhubhavan Extension Asset Procon. 9898908051
વેચવાનો છે બંગલો 4 બેડ 400 વાર પ્લોટમાં ફ્લાય પોઇન્ટ પાસે, સિંધુભવન રોડ, બ્રોકર 9978758503
વેચવાનો છે પ્લોટ, 3500 વાર, લક્ઝુરીયસ બંગલા લાયક, સિંધુભવન, Swastik Properties- 9712384441
વેચવાનો છે પ્લોટ, 1500 વાર, લક્ઝુરીયસ બંગલા લાયક, સિંધુભવન. Swastik Properties- 9712384441
For sell plot 2500 yard in society Rajpath, Sindhubhavan 9898532189
For Sale Shop. 1300 sq. feet. 3rd floor, Sindhubhavan Main Road. Call- Manthan Chokshi- 9327002877
For Sale 4 B H K Flat In Akshar Ocean Pearl Iskcon- Ambli Road, Sindhubhavan. Easybricks Realty. 9898000619
For Sale Penthouse 5 B H K, 8,000 Sq. ft. Sindhubhawan 9909998637 The Real Estate Connect
વેચવાનો છે ફ્લેટ 7000 ફૂટ 5 B H K, ઈસ્કોન આંબલી રોડ સિન્ધુભવન 9909998637 The Real Estate Connect
વેચવાનો છે ફ્લેટ 3 B H K, 8015 ફૂટ ફર્નિચર ફર્નિશ્ડ Kimana Tower માં ઈસ્કોન આંબલી રોડ સિન્ધુભવન 9913622281 The Real Estate Connect
વેચવાનો છે ફ્લેટ 4 B H K 5000 ફૂટ જૈન દેરાસર પાસે આંબલી રોડ સિન્ધુભવન 9909998637 The Real Estate Connect
On Sale Flat 4 B H K 5000 sq ft, Iscon -Ambli Road, Sindhubhavan, Broker Excuse 8849218924
વેચવાનો છે ફ્લેટ, 3 B H K, 2500 સ્કે. ફૂટ, Ganatra Real Estate. 8905054254
